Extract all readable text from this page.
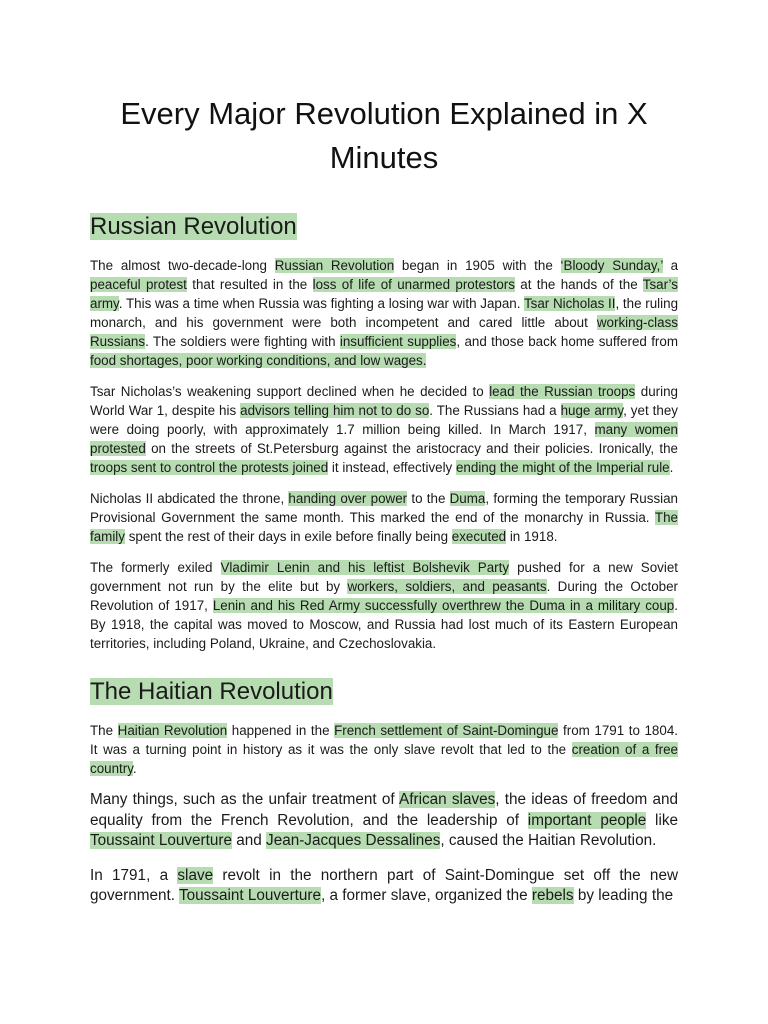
Every Major Revolution Explained in X Minutes
Russian Revolution

The almost two-decade-long Russian Revolution began in 1905 with the ‘Bloody Sunday,’ a peaceful protest that resulted in the loss of life of unarmed protestors at the hands of the Tsar’s army. This was a time when Russia was fighting a losing war with Japan. Tsar Nicholas II, the ruling monarch, and his government were both incompetent and cared little about working-class Russians. The soldiers were fighting with insufficient supplies, and those back home suffered from food shortages, poor working conditions, and low wages.

Tsar Nicholas’s weakening support declined when he decided to lead the Russian troops during World War 1, despite his advisors telling him not to do so. The Russians had a huge army, yet they were doing poorly, with approximately 1.7 million being killed. In March 1917, many women protested on the streets of St.Petersburg against the aristocracy and their policies. Ironically, the troops sent to control the protests joined it instead, effectively ending the might of the Imperial rule.

Nicholas II abdicated the throne, handing over power to the Duma, forming the temporary Russian Provisional Government the same month. This marked the end of the monarchy in Russia. The family spent the rest of their days in exile before finally being executed in 1918.

The formerly exiled Vladimir Lenin and his leftist Bolshevik Party pushed for a new Soviet government not run by the elite but by workers, soldiers, and peasants. During the October Revolution of 1917, Lenin and his Red Army successfully overthrew the Duma in a military coup. By 1918, the capital was moved to Moscow, and Russia had lost much of its Eastern European territories, including Poland, Ukraine, and Czechoslovakia.

The Haitian Revolution

The Haitian Revolution happened in the French settlement of Saint-Domingue from 1791 to 1804. It was a turning point in history as it was the only slave revolt that led to the creation of a free country.

Many things, such as the unfair treatment of African slaves, the ideas of freedom and equality from the French Revolution, and the leadership of important people like Toussaint Louverture and Jean-Jacques Dessalines, caused the Haitian Revolution.

In 1791, a slave revolt in the northern part of Saint-Domingue set off the new government. Toussaint Louverture, a former slave, organized the rebels by leading the
